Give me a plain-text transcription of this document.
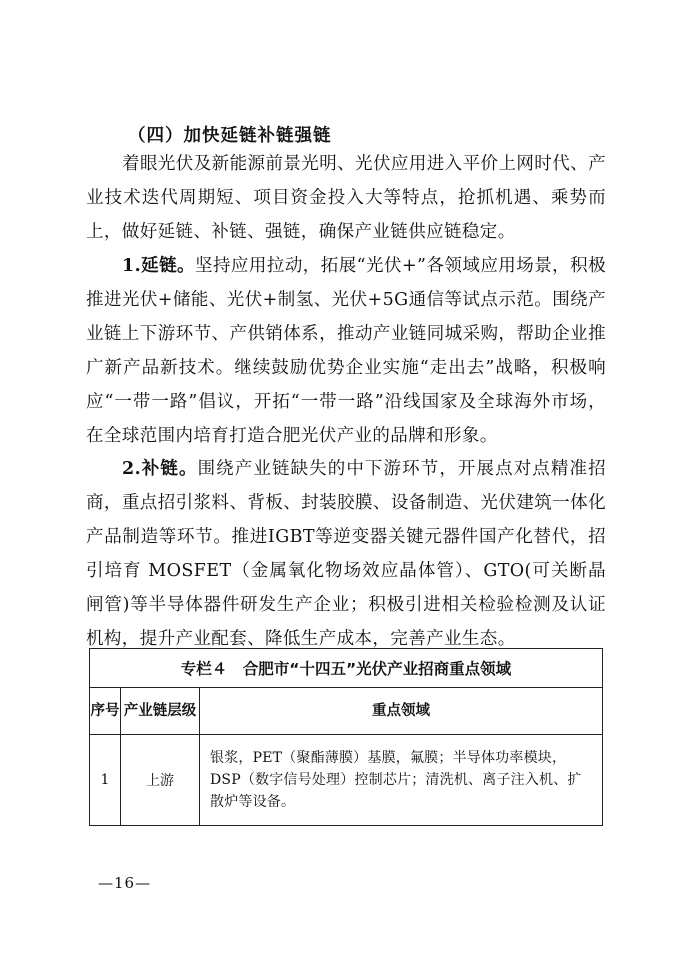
（四）加快延链补链强链
着眼光伏及新能源前景光明、光伏应用进入平价上网时代、产业技术迭代周期短、项目资金投入大等特点，抢抓机遇、乘势而上，做好延链、补链、强链，确保产业链供应链稳定。
1.延链。坚持应用拉动，拓展“光伏+”各领域应用场景，积极推进光伏+储能、光伏+制氢、光伏+5G通信等试点示范。围绕产业链上下游环节、产供销体系，推动产业链同城采购，帮助企业推广新产品新技术。继续鼓励优势企业实施“走出去”战略，积极响应“一带一路”倡议，开拓“一带一路”沿线国家及全球海外市场，在全球范围内培育打造合肥光伏产业的品牌和形象。
2.补链。围绕产业链缺失的中下游环节，开展点对点精准招商，重点招引浆料、背板、封装胶膜、设备制造、光伏建筑一体化产品制造等环节。推进IGBT等逆变器关键元器件国产化替代，招引培育 MOSFET（金属氧化物场效应晶体管）、GTO(可关断晶闸管)等半导体器件研发生产企业；积极引进相关检验检测及认证机构，提升产业配套、降低生产成本，完善产业生态。
专栏４　合肥市“十四五”光伏产业招商重点领域		
序号	产业链层级	重点领域
1	上游	银浆，PET（聚酯薄膜）基膜，氟膜；半导体功率模块，DSP（数字信号处理）控制芯片；清洗机、离子注入机、扩散炉等设备。
—16—
